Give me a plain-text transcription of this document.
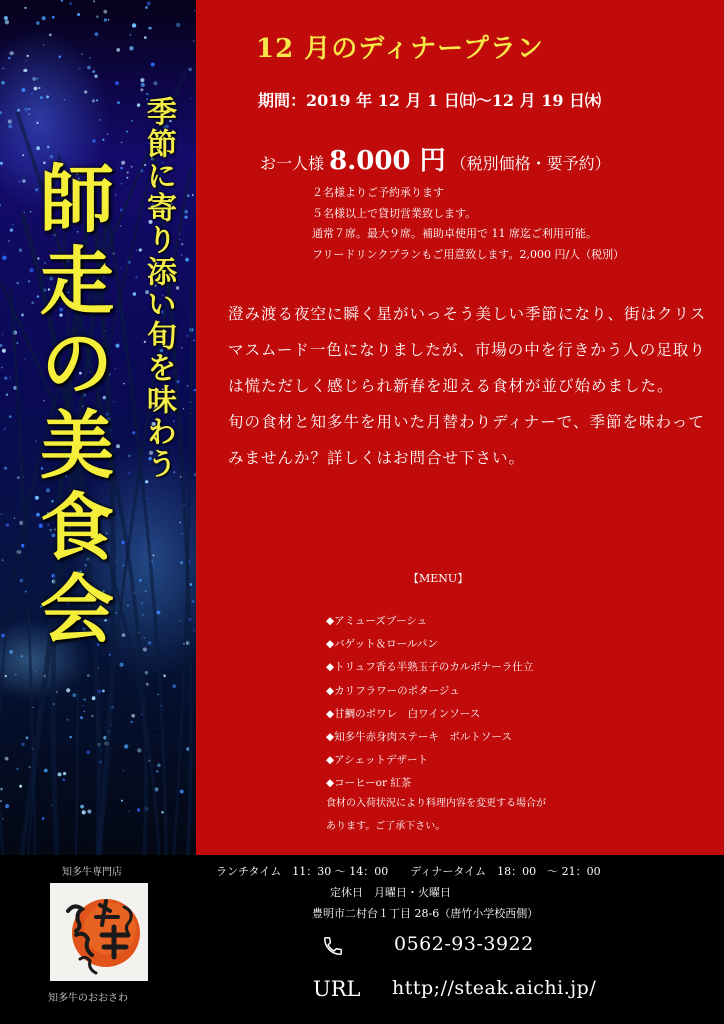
季節に寄り添い旬を味わう
師走の美食会
12 月のディナープラン
期間：2019 年 12 月 1 日㈰〜12 月 19 日㈭
お一人様 8.000 円 （税別価格・要予約）
２名様よりご予約承ります
５名様以上で貸切営業致します。
通常７席。最大９席。補助卓使用で 11 席迄ご利用可能。
フリードリンクプランもご用意致します。2,000 円/人（税別）

澄み渡る夜空に瞬く星がいっそう美しい季節になり、街はクリスマスムード一色になりましたが、市場の中を行きかう人の足取りは慌ただしく感じられ新春を迎える食材が並び始めました。

旬の食材と知多牛を用いた月替わりディナーで、季節を味わってみませんか？詳しくはお問合せ下さい。

【MENU】
◆アミューズブーシュ
◆バゲット＆ロールパン
◆トリュフ香る半熟玉子のカルボナーラ仕立
◆カリフラワーのポタージュ
◆甘鯛のポワレ　白ワインソース
◆知多牛赤身肉ステーキ　ボルトソース
◆アシェットデザート
◆コーヒーor 紅茶
食材の入荷状況により料理内容を変更する場合が
あります。ご了承下さい。
知多牛専門店
知多牛のおおさわ
ランチタイム　11：30 〜 14：00　　ディナータイム　18：00　〜 21：00
定休日　月曜日・火曜日
豊明市二村台１丁目 28-6（唐竹小学校西側）
0562-93-3922
URL http;//steak.aichi.jp/
